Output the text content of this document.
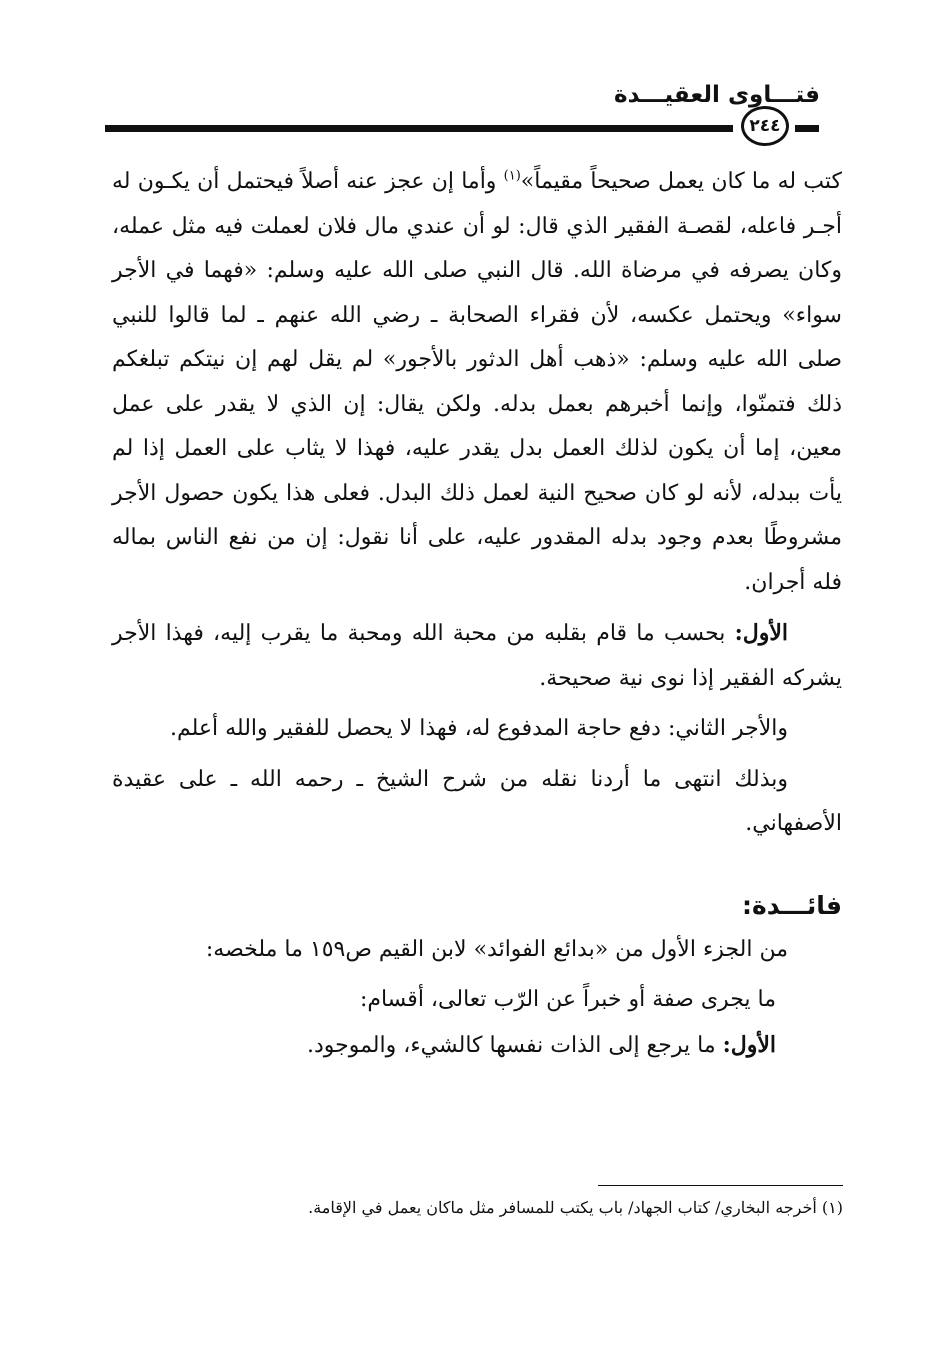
فتـــاوى العقيـــدة
٢٤٤

كتب له ما كان يعمل صحيحاً مقيماً»$^{(١)}$ وأما إن عجز عنه أصلاً فيحتمل أن يكـون له أجـر فاعله، لقصـة الفقير الذي قال: لو أن عندي مال فلان لعملت فيه مثل عمله، وكان يصرفه في مرضاة الله. قال النبي صلى الله عليه وسلم: «فهما في الأجر سواء» ويحتمل عكسه، لأن فقراء الصحابة ـ رضي الله عنهم ـ لما قالوا للنبي صلى الله عليه وسلم: «ذهب أهل الدثور بالأجور» لم يقل لهم إن نيتكم تبلغكم ذلك فتمنّوا، وإنما أخبرهم بعمل بدله. ولكن يقال: إن الذي لا يقدر على عمل معين، إما أن يكون لذلك العمل بدل يقدر عليه، فهذا لا يثاب على العمل إذا لم يأت ببدله، لأنه لو كان صحيح النية لعمل ذلك البدل. فعلى هذا يكون حصول الأجر مشروطًا بعدم وجود بدله المقدور عليه، على أنا نقول: إن من نفع الناس بماله فله أجران.

الأول: بحسب ما قام بقلبه من محبة الله ومحبة ما يقرب إليه، فهذا الأجر يشركه الفقير إذا نوى نية صحيحة.

والأجر الثاني: دفع حاجة المدفوع له، فهذا لا يحصل للفقير والله أعلم.

وبذلك انتهى ما أردنا نقله من شرح الشيخ ـ رحمه الله ـ على عقيدة الأصفهاني.

فائـــدة:

من الجزء الأول من «بدائع الفوائد» لابن القيم ص١٥٩ ما ملخصه:

ما يجرى صفة أو خبراً عن الرّب تعالى، أقسام:
الأول: ما يرجع إلى الذات نفسها كالشيء، والموجود.
(١) أخرجه البخاري/ كتاب الجهاد/ باب يكتب للمسافر مثل ماكان يعمل في الإقامة.
